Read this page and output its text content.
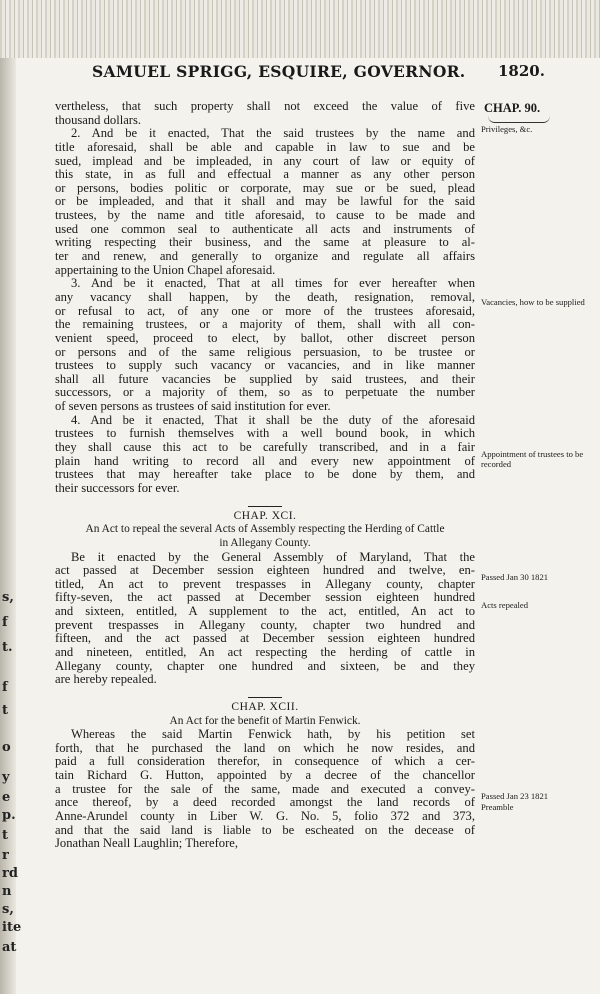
s,
f
t.
f
t
o
y
e
p.
t
r
rd
n
s,
ite
at
SAMUEL SPRIGG, ESQUIRE, GOVERNOR. 1820.
CHAP. 90.
Privileges, &c.
Vacancies, how to be supplied
Appointment of trustees to be recorded
Passed Jan 30 1821
Acts repealed
Passed Jan 23 1821
Preamble
vertheless, that such property shall not exceed the value of five
thousand dollars.
2. And be it enacted, That the said trustees by the name and
title aforesaid, shall be able and capable in law to sue and be
sued, implead and be impleaded, in any court of law or equity of
this state, in as full and effectual a manner as any other person
or persons, bodies politic or corporate, may sue or be sued, plead
or be impleaded, and that it shall and may be lawful for the said
trustees, by the name and title aforesaid, to cause to be made and
used one common seal to authenticate all acts and instruments of
writing respecting their business, and the same at pleasure to al-
ter and renew, and generally to organize and regulate all affairs
appertaining to the Union Chapel aforesaid.
3. And be it enacted, That at all times for ever hereafter when
any vacancy shall happen, by the death, resignation, removal,
or refusal to act, of any one or more of the trustees aforesaid,
the remaining trustees, or a majority of them, shall with all con-
venient speed, proceed to elect, by ballot, other discreet person
or persons and of the same religious persuasion, to be trustee or
trustees to supply such vacancy or vacancies, and in like manner
shall all future vacancies be supplied by said trustees, and their
successors, or a majority of them, so as to perpetuate the number
of seven persons as trustees of said institution for ever.
4. And be it enacted, That it shall be the duty of the aforesaid
trustees to furnish themselves with a well bound book, in which
they shall cause this act to be carefully transcribed, and in a fair
plain hand writing to record all and every new appointment of
trustees that may hereafter take place to be done by them, and
their successors for ever.
CHAP. XCI.
An Act to repeal the several Acts of Assembly respecting the Herding of Cattle
in Allegany County.
Be it enacted by the General Assembly of Maryland, That the
act passed at December session eighteen hundred and twelve, en-
titled, An act to prevent trespasses in Allegany county, chapter
fifty-seven, the act passed at December session eighteen hundred
and sixteen, entitled, A supplement to the act, entitled, An act to
prevent trespasses in Allegany county, chapter two hundred and
fifteen, and the act passed at December session eighteen hundred
and nineteen, entitled, An act respecting the herding of cattle in
Allegany county, chapter one hundred and sixteen, be and they
are hereby repealed.
CHAP. XCII.
An Act for the benefit of Martin Fenwick.
Whereas the said Martin Fenwick hath, by his petition set
forth, that he purchased the land on which he now resides, and
paid a full consideration therefor, in consequence of which a cer-
tain Richard G. Hutton, appointed by a decree of the chancellor
a trustee for the sale of the same, made and executed a convey-
ance thereof, by a deed recorded amongst the land records of
Anne-Arundel county in Liber W. G. No. 5, folio 372 and 373,
and that the said land is liable to be escheated on the decease of
Jonathan Neall Laughlin; Therefore,
